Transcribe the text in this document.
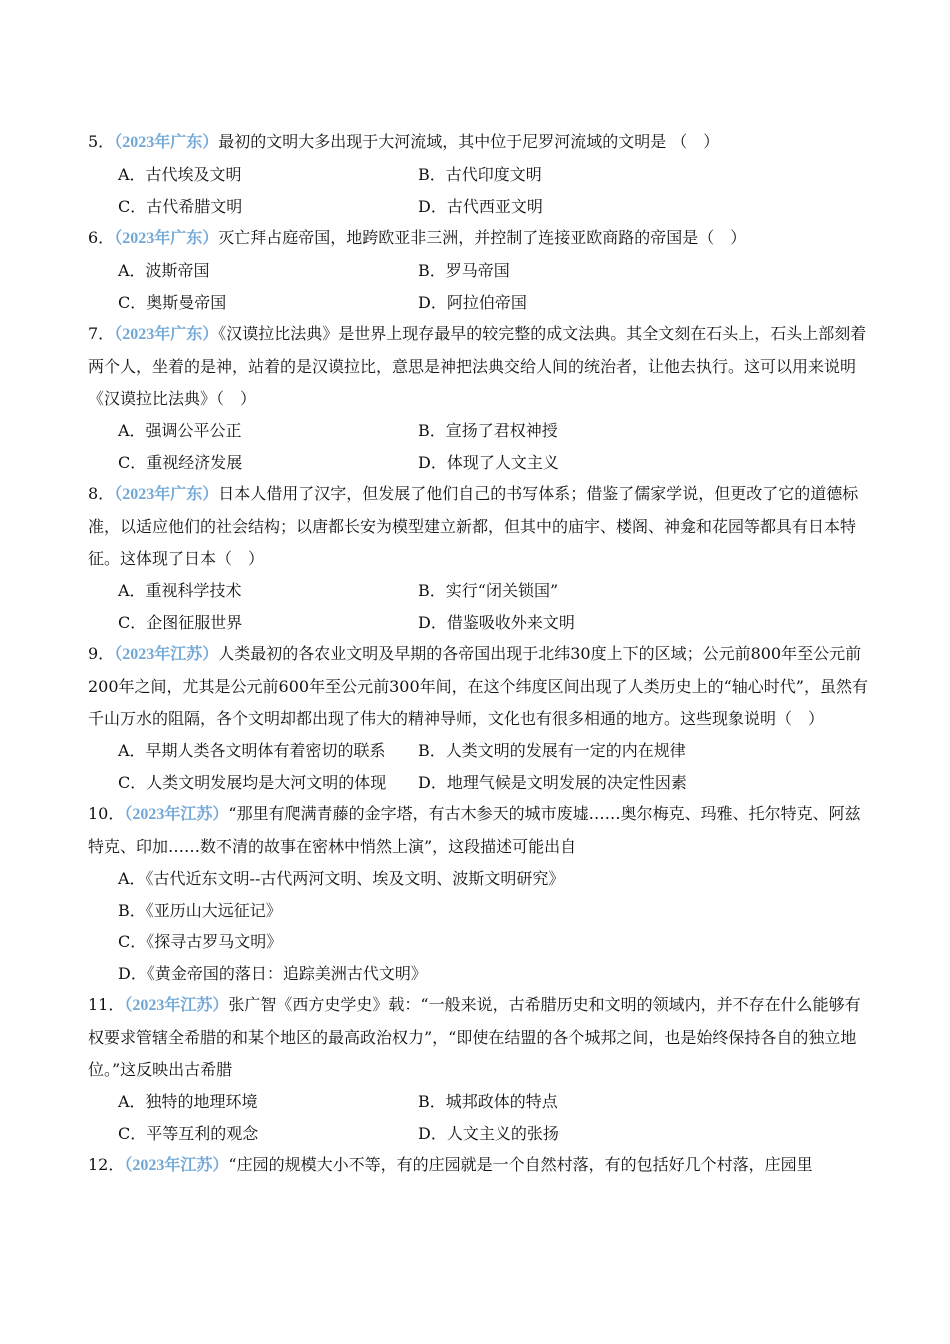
5．（2023年广东）最初的文明大多出现于大河流域，其中位于尼罗河流域的文明是 （　）
A．古代埃及文明	B．古代印度文明
C．古代希腊文明	D．古代西亚文明
6．（2023年广东）灭亡拜占庭帝国，地跨欧亚非三洲，并控制了连接亚欧商路的帝国是（　）
A．波斯帝国	B．罗马帝国
C．奥斯曼帝国	D．阿拉伯帝国
7．（2023年广东）《汉谟拉比法典》是世界上现存最早的较完整的成文法典。其全文刻在石头上，石头上部刻着两个人，坐着的是神，站着的是汉谟拉比，意思是神把法典交给人间的统治者，让他去执行。这可以用来说明《汉谟拉比法典》（　）
A．强调公平公正	B．宣扬了君权神授
C．重视经济发展	D．体现了人文主义
8．（2023年广东）日本人借用了汉字，但发展了他们自己的书写体系；借鉴了儒家学说，但更改了它的道德标准，以适应他们的社会结构；以唐都长安为模型建立新都，但其中的庙宇、楼阁、神龛和花园等都具有日本特征。这体现了日本（　）
A．重视科学技术	B．实行“闭关锁国”
C．企图征服世界	D．借鉴吸收外来文明
9．（2023年江苏）人类最初的各农业文明及早期的各帝国出现于北纬30度上下的区域；公元前800年至公元前200年之间，尤其是公元前600年至公元前300年间，在这个纬度区间出现了人类历史上的“轴心时代”，虽然有千山万水的阻隔，各个文明却都出现了伟大的精神导师，文化也有很多相通的地方。这些现象说明（　）
A．早期人类各文明体有着密切的联系	B．人类文明的发展有一定的内在规律
C．人类文明发展均是大河文明的体现	D．地理气候是文明发展的决定性因素
10．（2023年江苏）“那里有爬满青藤的金字塔，有古木参天的城市废墟……奥尔梅克、玛雅、托尔特克、阿兹特克、印加……数不清的故事在密林中悄然上演”，这段描述可能出自
A．《古代近东文明--古代两河文明、埃及文明、波斯文明研究》
B．《亚历山大远征记》
C．《探寻古罗马文明》
D．《黄金帝国的落日：追踪美洲古代文明》
11．（2023年江苏）张广智《西方史学史》载：“一般来说，古希腊历史和文明的领域内，并不存在什么能够有权要求管辖全希腊的和某个地区的最高政治权力”，“即使在结盟的各个城邦之间，也是始终保持各自的独立地位。”这反映出古希腊
A．独特的地理环境	B．城邦政体的特点
C．平等互利的观念	D．人文主义的张扬
12．（2023年江苏）“庄园的规模大小不等，有的庄园就是一个自然村落，有的包括好几个村落，庄园里
